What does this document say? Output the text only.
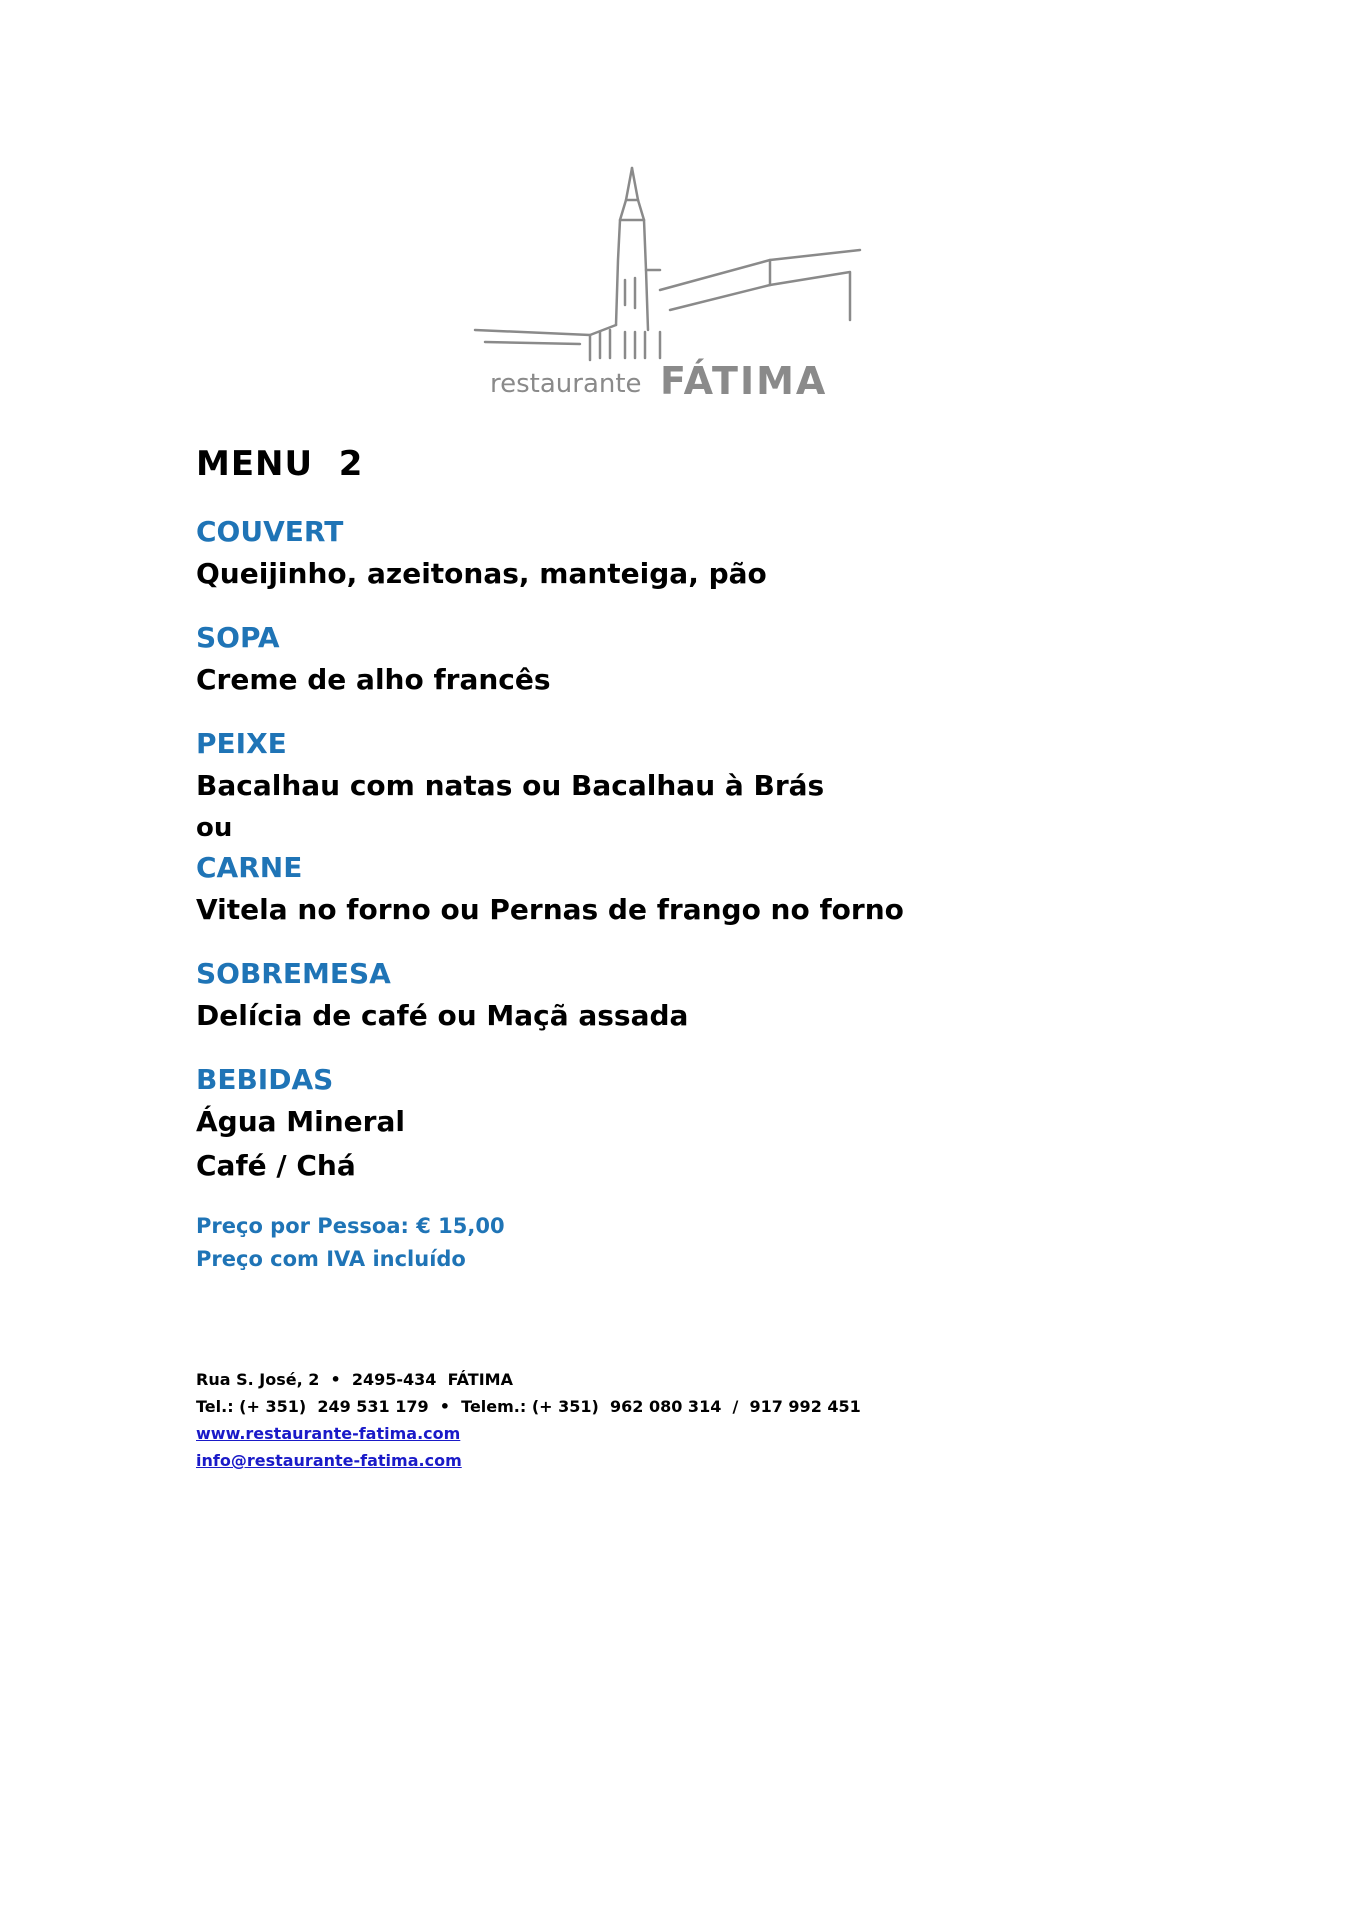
restaurante FÁTIMA

MENU  2

COUVERT

Queijinho, azeitonas, manteiga, pão

SOPA

Creme de alho francês

PEIXE

Bacalhau com natas ou Bacalhau à Brás

ou

CARNE

Vitela no forno ou Pernas de frango no forno

SOBREMESA

Delícia de café ou Maçã assada

BEBIDAS

Água Mineral

Café / Chá

Preço por Pessoa: € 15,00

Preço com IVA incluído

Rua S. José, 2  •  2495-434  FÁTIMA

Tel.: (+ 351)  249 531 179  •  Telem.: (+ 351)  962 080 314  /  917 992 451

www.restaurante-fatima.com

info@restaurante-fatima.com
